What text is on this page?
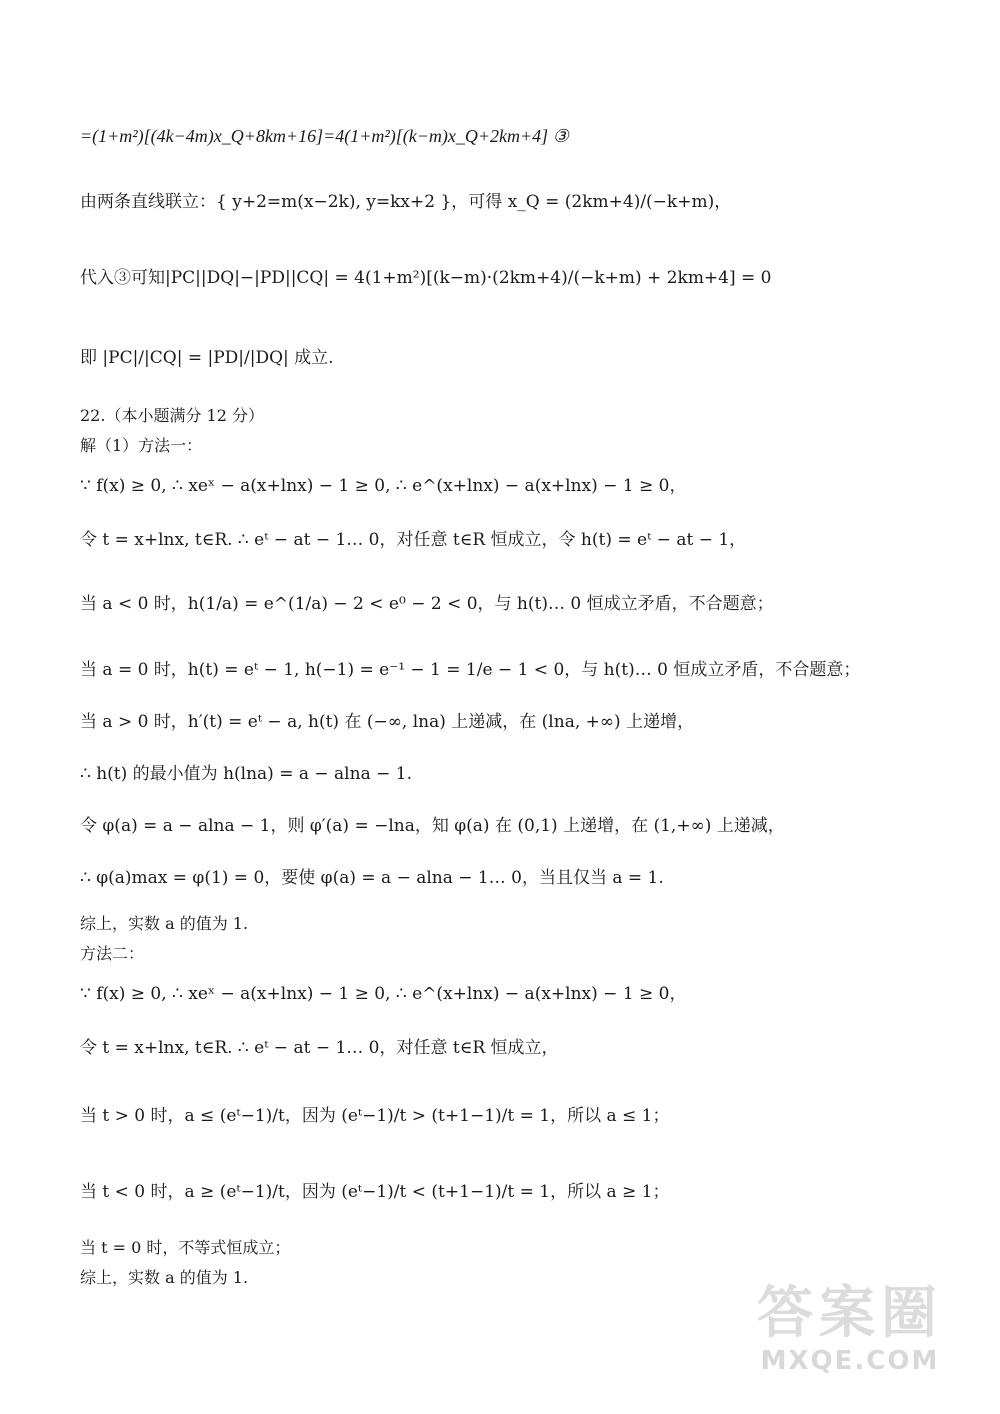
=(1+m²)[(4k−4m)x_Q+8km+16]=4(1+m²)[(k−m)x_Q+2km+4] ③
由两条直线联立：{ y+2=m(x−2k), y=kx+2 }，可得 x_Q = (2km+4)/(−k+m)，
代入③可知|PC||DQ|−|PD||CQ| = 4(1+m²)[(k−m)·(2km+4)/(−k+m) + 2km+4] = 0
即 |PC|/|CQ| = |PD|/|DQ| 成立.
22.（本小题满分 12 分）
解（1）方法一：
∵ f(x) ≥ 0, ∴ xeˣ − a(x+lnx) − 1 ≥ 0, ∴ e^(x+lnx) − a(x+lnx) − 1 ≥ 0，
令 t = x+lnx, t∈R. ∴ eᵗ − at − 1… 0，对任意 t∈R 恒成立，令 h(t) = eᵗ − at − 1，
当 a < 0 时，h(1/a) = e^(1/a) − 2 < e⁰ − 2 < 0，与 h(t)… 0 恒成立矛盾，不合题意；
当 a = 0 时，h(t) = eᵗ − 1, h(−1) = e⁻¹ − 1 = 1/e − 1 < 0，与 h(t)… 0 恒成立矛盾，不合题意；
当 a > 0 时，h′(t) = eᵗ − a, h(t) 在 (−∞, lna) 上递减，在 (lna, +∞) 上递增，
∴ h(t) 的最小值为 h(lna) = a − alna − 1.
令 φ(a) = a − alna − 1，则 φ′(a) = −lna，知 φ(a) 在 (0,1) 上递增，在 (1,+∞) 上递减，
∴ φ(a)max = φ(1) = 0，要使 φ(a) = a − alna − 1… 0，当且仅当 a = 1.
综上，实数 a 的值为 1.
方法二：
∵ f(x) ≥ 0, ∴ xeˣ − a(x+lnx) − 1 ≥ 0, ∴ e^(x+lnx) − a(x+lnx) − 1 ≥ 0，
令 t = x+lnx, t∈R. ∴ eᵗ − at − 1… 0，对任意 t∈R 恒成立，
当 t > 0 时，a ≤ (eᵗ−1)/t，因为 (eᵗ−1)/t > (t+1−1)/t = 1，所以 a ≤ 1；
当 t < 0 时，a ≥ (eᵗ−1)/t，因为 (eᵗ−1)/t < (t+1−1)/t = 1，所以 a ≥ 1；
当 t = 0 时，不等式恒成立；
综上，实数 a 的值为 1.
答案圈
MXQE.COM
